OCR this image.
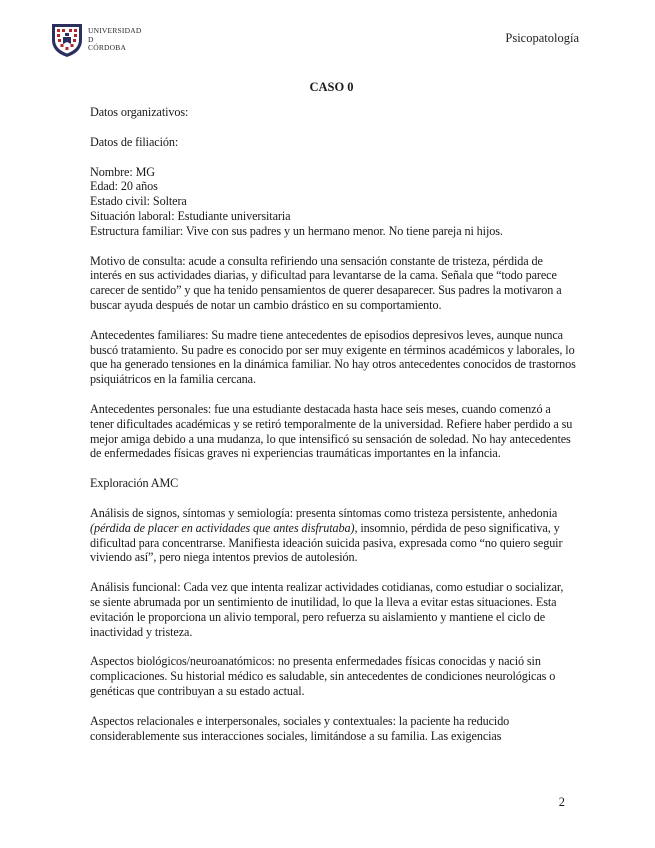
UNIVERSIDAD
D
CÓRDOBA
Psicopatología
CASO 0

Datos organizativos:

Datos de filiación:

Nombre: MG

Edad: 20 años

Estado civil: Soltera

Situación laboral: Estudiante universitaria

Estructura familiar: Vive con sus padres y un hermano menor. No tiene pareja ni hijos.

Motivo de consulta: acude a consulta refiriendo una sensación constante de tristeza, pérdida de interés en sus actividades diarias, y dificultad para levantarse de la cama. Señala que “todo parece carecer de sentido” y que ha tenido pensamientos de querer desaparecer. Sus padres la motivaron a buscar ayuda después de notar un cambio drástico en su comportamiento.

Antecedentes familiares: Su madre tiene antecedentes de episodios depresivos leves, aunque nunca buscó tratamiento. Su padre es conocido por ser muy exigente en términos académicos y laborales, lo que ha generado tensiones en la dinámica familiar. No hay otros antecedentes conocidos de trastornos psiquiátricos en la familia cercana.

Antecedentes personales: fue una estudiante destacada hasta hace seis meses, cuando comenzó a tener dificultades académicas y se retiró temporalmente de la universidad. Refiere haber perdido a su mejor amiga debido a una mudanza, lo que intensificó su sensación de soledad. No hay antecedentes de enfermedades físicas graves ni experiencias traumáticas importantes en la infancia.

Exploración AMC

Análisis de signos, síntomas y semiología: presenta síntomas como tristeza persistente, anhedonia (pérdida de placer en actividades que antes disfrutaba), insomnio, pérdida de peso significativa, y dificultad para concentrarse. Manifiesta ideación suicida pasiva, expresada como “no quiero seguir viviendo así”, pero niega intentos previos de autolesión.

Análisis funcional: Cada vez que intenta realizar actividades cotidianas, como estudiar o socializar, se siente abrumada por un sentimiento de inutilidad, lo que la lleva a evitar estas situaciones. Esta evitación le proporciona un alivio temporal, pero refuerza su aislamiento y mantiene el ciclo de inactividad y tristeza.

Aspectos biológicos/neuroanatómicos: no presenta enfermedades físicas conocidas y nació sin complicaciones. Su historial médico es saludable, sin antecedentes de condiciones neurológicas o genéticas que contribuyan a su estado actual.

Aspectos relacionales e interpersonales, sociales y contextuales: la paciente ha reducido considerablemente sus interacciones sociales, limitándose a su familia. Las exigencias

2
